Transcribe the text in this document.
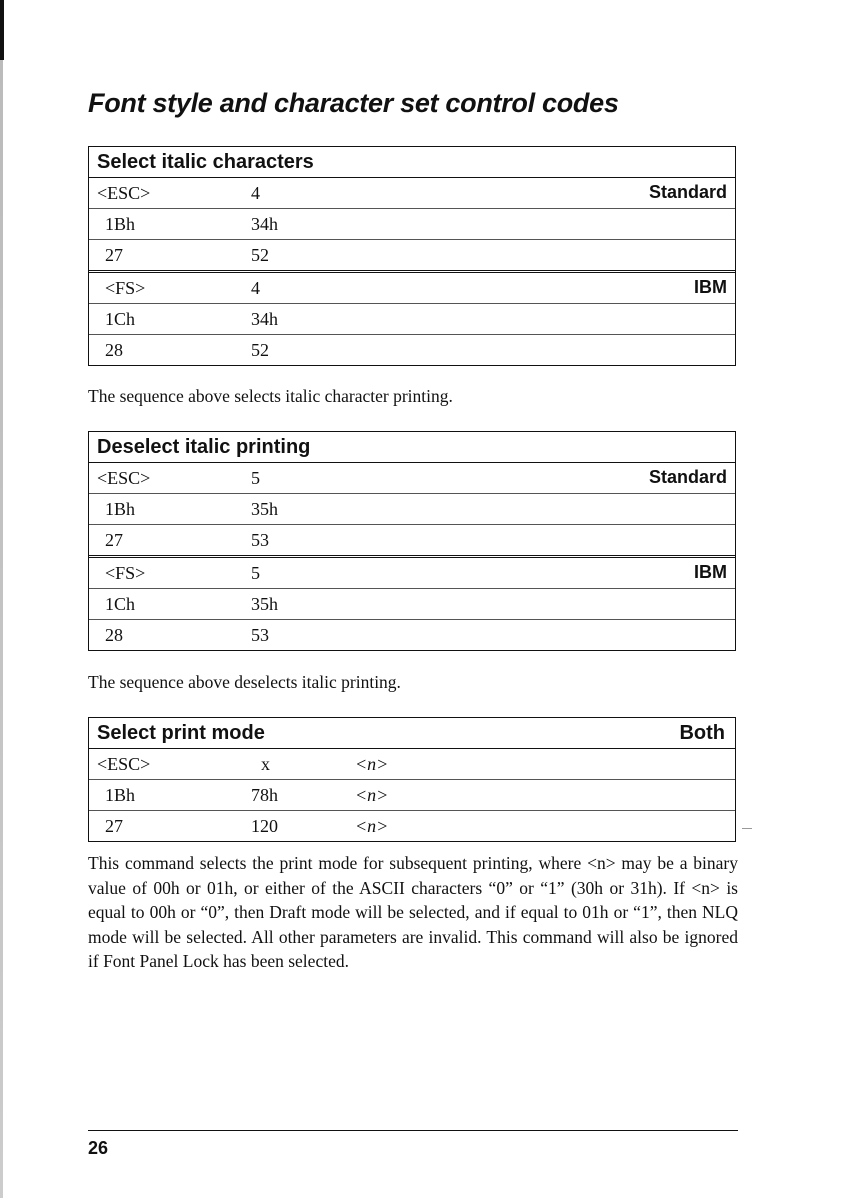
Font style and character set control codes
Select italic characters
<ESC>	4	Standard
1Bh	34h
27	52
<FS>	4	IBM
1Ch	34h
28	52

The sequence above selects italic character printing.

Deselect italic printing
<ESC>	5	Standard
1Bh	35h
27	53
<FS>	5	IBM
1Ch	35h
28	53

The sequence above deselects italic printing.

Select print mode	Both
<ESC>	x	<n>
1Bh	78h	<n>
27	120	<n>

This command selects the print mode for subsequent printing, where <n> may be a binary value of 00h or 01h, or either of the ASCII characters “0” or “1” (30h or 31h). If <n> is equal to 00h or “0”, then Draft mode will be selected, and if equal to 01h or “1”, then NLQ mode will be selected. All other parameters are invalid. This command will also be ignored if Font Panel Lock has been selected.

26
